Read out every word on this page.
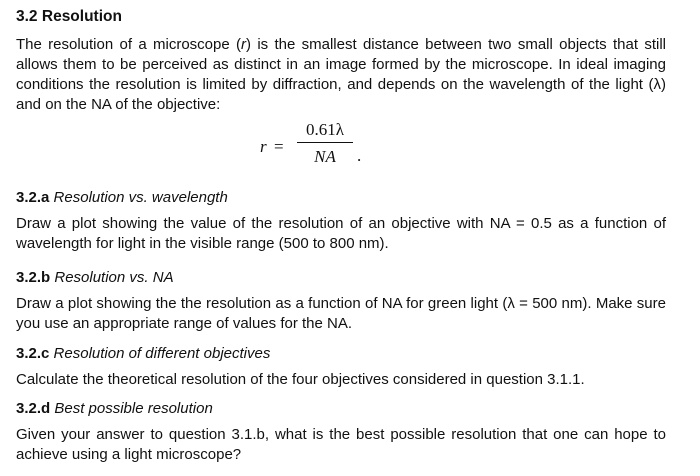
3.2 Resolution

The resolution of a microscope (r) is the smallest distance between two small objects that still allows them to be perceived as distinct in an image formed by the microscope. In ideal imaging conditions the resolution is limited by diffraction, and depends on the wavelength of the light (λ) and on the NA of the objective:

r =
0.61λ
NA	.
3.2.a Resolution vs. wavelength

Draw a plot showing the value of the resolution of an objective with NA = 0.5 as a function of wavelength for light in the visible range (500 to 800 nm).

3.2.b Resolution vs. NA

Draw a plot showing the the resolution as a function of NA for green light (λ = 500 nm). Make sure you use an appropriate range of values for the NA.

3.2.c Resolution of different objectives

Calculate the theoretical resolution of the four objectives considered in question 3.1.1.

3.2.d Best possible resolution

Given your answer to question 3.1.b, what is the best possible resolution that one can hope to achieve using a light microscope?
